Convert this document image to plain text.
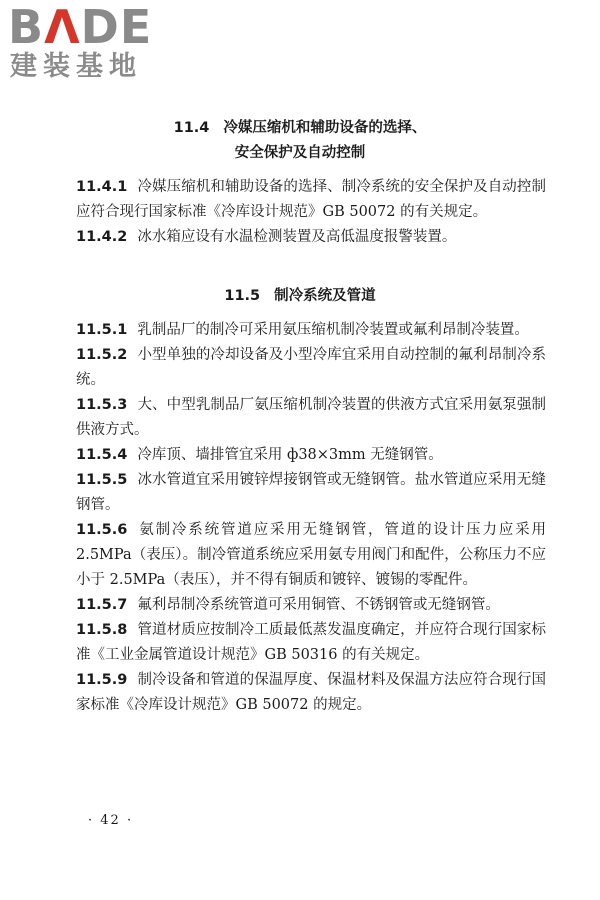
BΛDE
建装基地
11.4 冷媒压缩机和辅助设备的选择、
安全保护及自动控制

11.4.1 冷媒压缩机和辅助设备的选择、制冷系统的安全保护及自动控制应符合现行国家标准《冷库设计规范》GB 50072 的有关规定。

11.4.2 冰水箱应设有水温检测装置及高低温度报警装置。

11.5 制冷系统及管道

11.5.1 乳制品厂的制冷可采用氨压缩机制冷装置或氟利昂制冷装置。

11.5.2 小型单独的冷却设备及小型冷库宜采用自动控制的氟利昂制冷系统。

11.5.3 大、中型乳制品厂氨压缩机制冷装置的供液方式宜采用氨泵强制供液方式。

11.5.4 冷库顶、墙排管宜采用 ф38×3mm 无缝钢管。

11.5.5 冰水管道宜采用镀锌焊接钢管或无缝钢管。盐水管道应采用无缝钢管。

11.5.6 氨制冷系统管道应采用无缝钢管，管道的设计压力应采用 2.5MPa（表压）。制冷管道系统应采用氨专用阀门和配件，公称压力不应小于 2.5MPa（表压），并不得有铜质和镀锌、镀锡的零配件。

11.5.7 氟利昂制冷系统管道可采用铜管、不锈钢管或无缝钢管。

11.5.8 管道材质应按制冷工质最低蒸发温度确定，并应符合现行国家标准《工业金属管道设计规范》GB 50316 的有关规定。

11.5.9 制冷设备和管道的保温厚度、保温材料及保温方法应符合现行国家标准《冷库设计规范》GB 50072 的规定。

· 42 ·
